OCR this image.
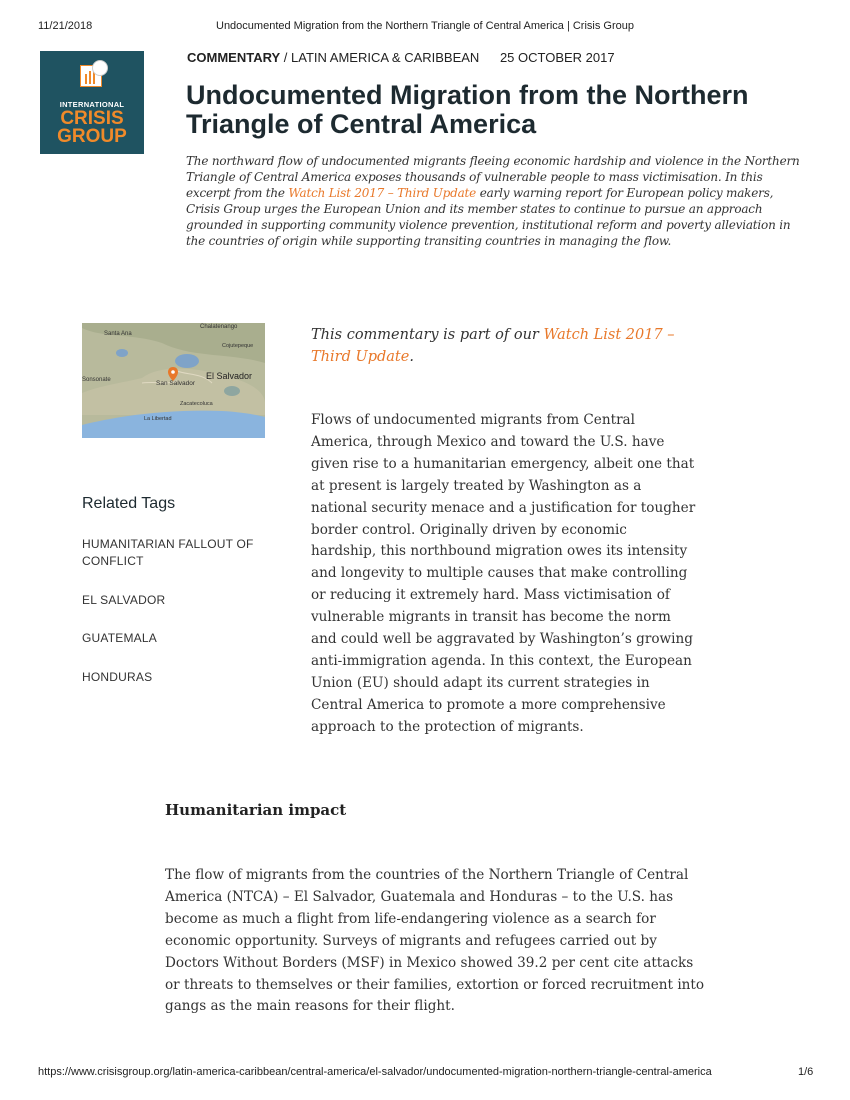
11/21/2018	Undocumented Migration from the Northern Triangle of Central America | Crisis Group
INTERNATIONAL
CRISIS
GROUP
COMMENTARY / LATIN AMERICA & CARIBBEAN 25 OCTOBER 2017
Undocumented Migration from the Northern Triangle of Central America
The northward flow of undocumented migrants fleeing economic hardship and violence in the Northern Triangle of Central America exposes thousands of vulnerable people to mass victimisation. In this excerpt from the Watch List 2017 – Third Update early warning report for European policy makers, Crisis Group urges the European Union and its member states to continue to pursue an approach grounded in supporting community violence prevention, institutional reform and poverty alleviation in the countries of origin while supporting transiting countries in managing the flow.
Chalatenango
Santa Ana
San Salvador
El Salvador
Sonsonate
La Libertad
Cojutepeque
Zacatecoluca
Related Tags
HUMANITARIAN FALLOUT OF CONFLICT
EL SALVADOR
GUATEMALA
HONDURAS
This commentary is part of our Watch List 2017 – Third Update.

Flows of undocumented migrants from Central America, through Mexico and toward the U.S. have given rise to a humanitarian emergency, albeit one that at present is largely treated by Washington as a national security menace and a justification for tougher border control. Originally driven by economic hardship, this northbound migration owes its intensity and longevity to multiple causes that make controlling or reducing it extremely hard. Mass victimisation of vulnerable migrants in transit has become the norm and could well be aggravated by Washington’s growing anti-immigration agenda. In this context, the European Union (EU) should adapt its current strategies in Central America to promote a more comprehensive approach to the protection of migrants.

Humanitarian impact

The flow of migrants from the countries of the Northern Triangle of Central America (NTCA) – El Salvador, Guatemala and Honduras – to the U.S. has become as much a flight from life-endangering violence as a search for economic opportunity. Surveys of migrants and refugees carried out by Doctors Without Borders (MSF) in Mexico showed 39.2 per cent cite attacks or threats to themselves or their families, extortion or forced recruitment into gangs as the main reasons for their flight.

https://www.crisisgroup.org/latin-america-caribbean/central-america/el-salvador/undocumented-migration-northern-triangle-central-america	1/6
